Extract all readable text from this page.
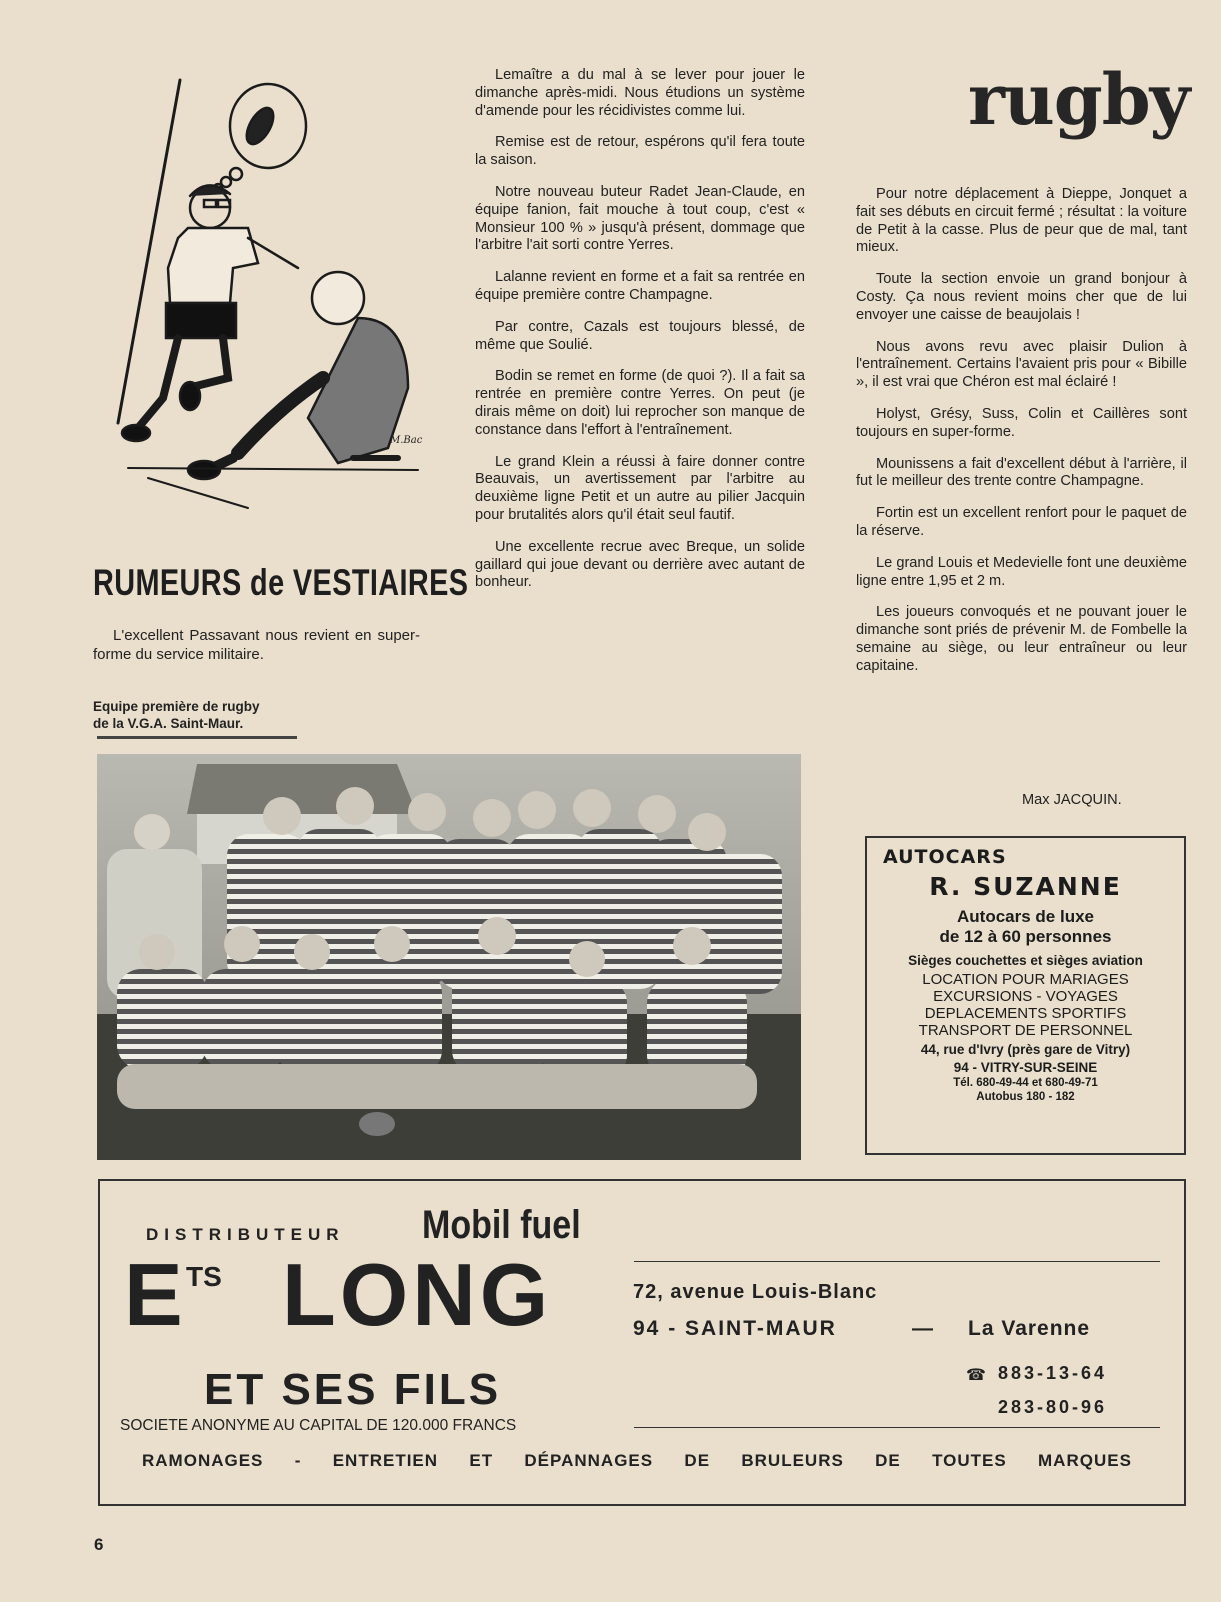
rugby
M.Bac
RUMEURS de VESTIAIRES
L'excellent Passavant nous revient en super-forme du service militaire.
Equipe première de rugby
de la V.G.A. Saint-Maur.

Lemaître a du mal à se lever pour jouer le dimanche après-midi. Nous étudions un système d'amende pour les récidivistes comme lui.

Remise est de retour, espérons qu'il fera toute la saison.

Notre nouveau buteur Radet Jean-Claude, en équipe fanion, fait mouche à tout coup, c'est « Monsieur 100 % » jusqu'à présent, dommage que l'arbitre l'ait sorti contre Yerres.

Lalanne revient en forme et a fait sa rentrée en équipe première contre Champagne.

Par contre, Cazals est toujours blessé, de même que Soulié.

Bodin se remet en forme (de quoi ?). Il a fait sa rentrée en première contre Yerres. On peut (je dirais même on doit) lui reprocher son manque de constance dans l'effort à l'entraînement.

Le grand Klein a réussi à faire donner contre Beauvais, un avertissement par l'arbitre au deuxième ligne Petit et un autre au pilier Jacquin pour brutalités alors qu'il était seul fautif.

Une excellente recrue avec Breque, un solide gaillard qui joue devant ou derrière avec autant de bonheur.

Pour notre déplacement à Dieppe, Jonquet a fait ses débuts en circuit fermé ; résultat : la voiture de Petit à la casse. Plus de peur que de mal, tant mieux.

Toute la section envoie un grand bonjour à Costy. Ça nous revient moins cher que de lui envoyer une caisse de beaujolais !

Nous avons revu avec plaisir Dulion à l'entraînement. Certains l'avaient pris pour « Bibille », il est vrai que Chéron est mal éclairé !

Holyst, Grésy, Suss, Colin et Caillères sont toujours en super-forme.

Mounissens a fait d'excellent début à l'arrière, il fut le meilleur des trente contre Champagne.

Fortin est un excellent renfort pour le paquet de la réserve.

Le grand Louis et Medevielle font une deuxième ligne entre 1,95 et 2 m.

Les joueurs convoqués et ne pouvant jouer le dimanche sont priés de prévenir M. de Fombelle la semaine au siège, ou leur entraîneur ou leur capitaine.

Max JACQUIN.
AUTOCARS
R. SUZANNE
Autocars de luxe
de 12 à 60 personnes
Sièges couchettes et sièges aviation
LOCATION POUR MARIAGES
EXCURSIONS - VOYAGES
DEPLACEMENTS SPORTIFS
TRANSPORT DE PERSONNEL
44, rue d'Ivry (près gare de Vitry)
94 - VITRY-SUR-SEINE
Tél. 680-49-44 et 680-49-71
Autobus 180 - 182
DISTRIBUTEUR Mobil fuel
E TS LONG
ET SES FILS
SOCIETE ANONYME AU CAPITAL DE 120.000 FRANCS
72, avenue Louis-Blanc
94 - SAINT-MAUR	— La Varenne
☎ 883-13-64
283-80-96
RAMONAGES - ENTRETIEN ET DÉPANNAGES DE BRULEURS DE TOUTES MARQUES
6
